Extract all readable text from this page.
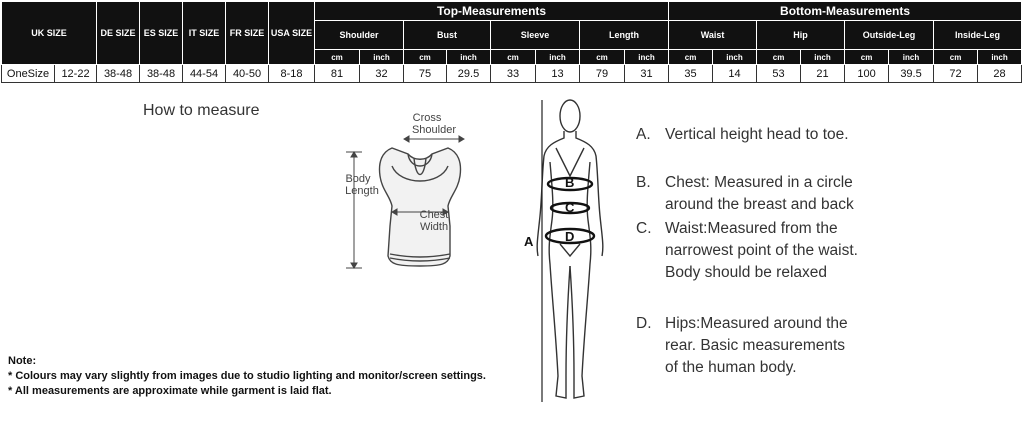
UK SIZE		DE SIZE	ES SIZE	IT SIZE	FR SIZE	USA SIZE	Top-Measurements								Bottom-Measurements							
							Shoulder		Bust		Sleeve		Length		Waist		Hip		Outside-Leg		Inside-Leg	
							cm	inch	cm	inch	cm	inch	cm	inch	cm	inch	cm	inch	cm	inch	cm	inch
OneSize	12-22	38-48	38-48	44-54	40-50	8-18	81	32	75	29.5	33	13	79	31	35	14	53	21	100	39.5	72	28
How to measure	Cross
Shoulder
Body
Length
Chest
Width
A
B
C
D
A. Vertical height head to toe.
B. Chest: Measured in a circle
around the breast and back
C. Waist:Measured from the
narrowest point of the waist.
Body should be relaxed
D. Hips:Measured around the
rear. Basic measurements
of the human body.
Note:
* Colours may vary slightly from images due to studio lighting and monitor/screen settings.
* All measurements are approximate while garment is laid flat.
